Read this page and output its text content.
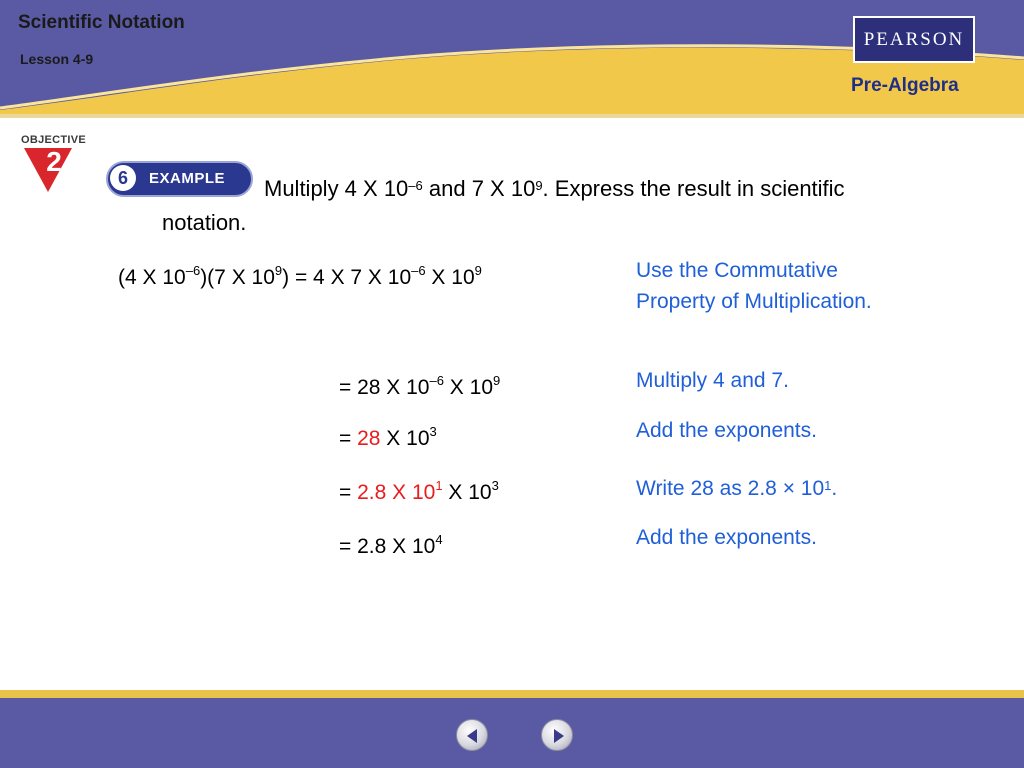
Scientific Notation
Lesson 4-9
PEARSON
Pre-Algebra
OBJECTIVE
2
6	EXAMPLE	Multiply 4 X $10^{-6}$ and 7 X $10^9$. Express the result in scientific notation.
(4 X $10^{-6})(7$ X $10^9) = 4$ X 7 X $10^{-6}$ X $10^9$
= 28 X $10^{-6}$ X $10^9$
= 28 X $10^3$
= 2.8 X $10^1$ X $10^3$
= 2.8 X $10^4$
Use the Commutative Property of Multiplication.
Multiply 4 and 7.
Add the exponents.
Write 28 as $2.8 \times 10^1$.
Add the exponents.
